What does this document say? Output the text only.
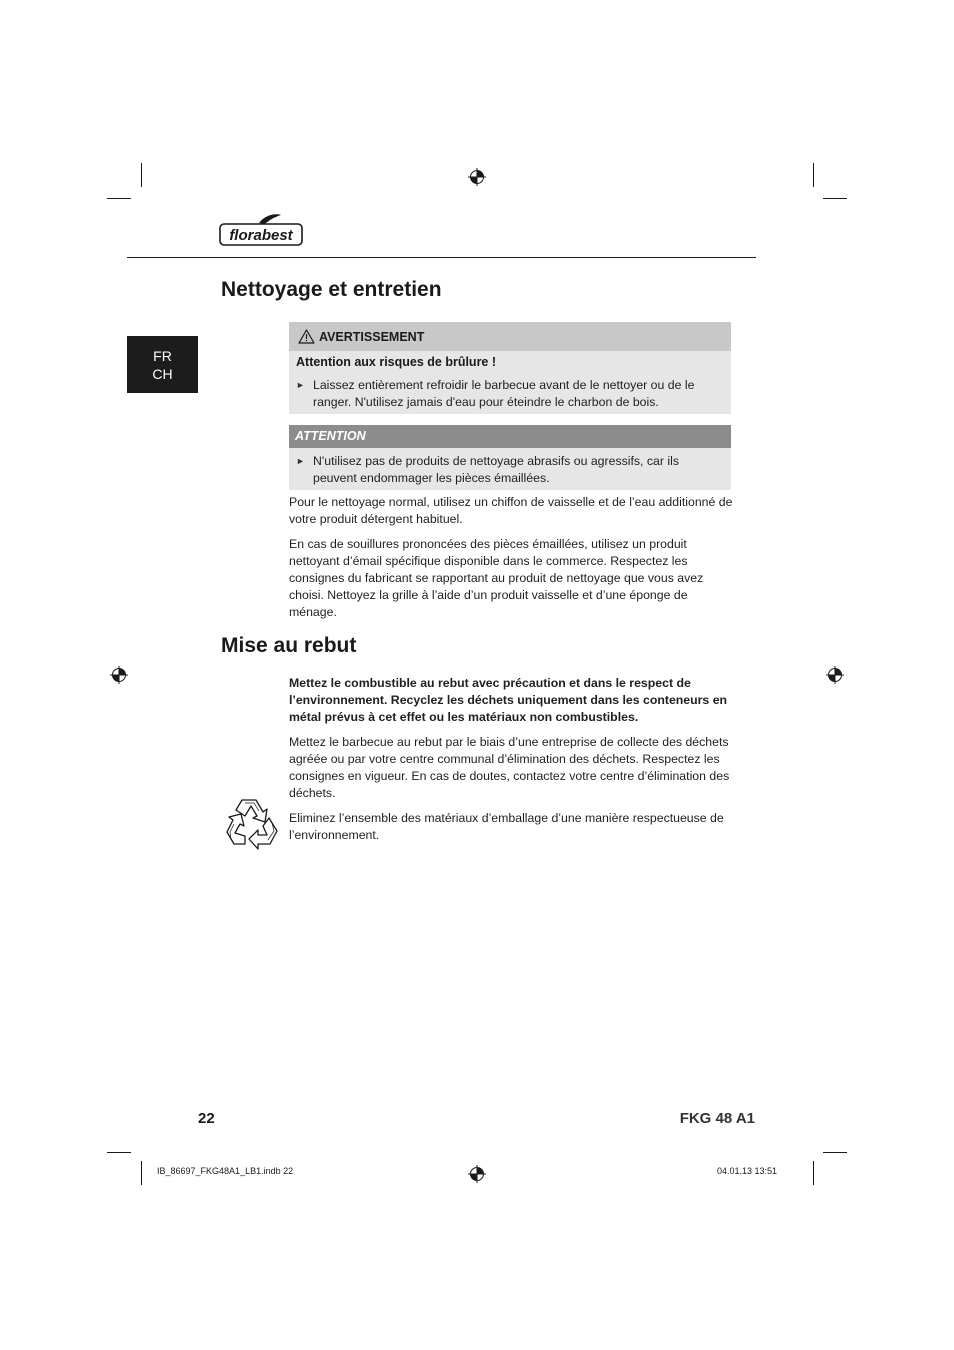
florabest
FR
CH
Nettoyage et entretien
AVERTISSEMENT
Attention aux risques de brûlure !
► Laissez entièrement refroidir le barbecue avant de le nettoyer ou de le ranger. N'utilisez jamais d'eau pour éteindre le charbon de bois.
ATTENTION
► N'utilisez pas de produits de nettoyage abrasifs ou agressifs, car ils peuvent endommager les pièces émaillées.

Pour le nettoyage normal, utilisez un chiffon de vaisselle et de l’eau additionné de votre produit détergent habituel.

En cas de souillures prononcées des pièces émaillées, utilisez un produit nettoyant d’émail spécifique disponible dans le commerce. Respectez les consignes du fabricant se rapportant au produit de nettoyage que vous avez choisi. Nettoyez la grille à l’aide d’un produit vaisselle et d’une éponge de ménage.

Mise au rebut

Mettez le combustible au rebut avec précaution et dans le respect de l’environnement. Recyclez les déchets uniquement dans les conteneurs en métal prévus à cet effet ou les matériaux non combustibles.

Mettez le barbecue au rebut par le biais d’une entreprise de collecte des déchets agréée ou par votre centre communal d’élimination des déchets. Respectez les consignes en vigueur. En cas de doutes, contactez votre centre d’élimination des déchets.

Eliminez l’ensemble des matériaux d’emballage d’une manière respectueuse de l’environnement.

22	FKG 48 A1
IB_86697_FKG48A1_LB1.indb 22	04.01.13 13:51
